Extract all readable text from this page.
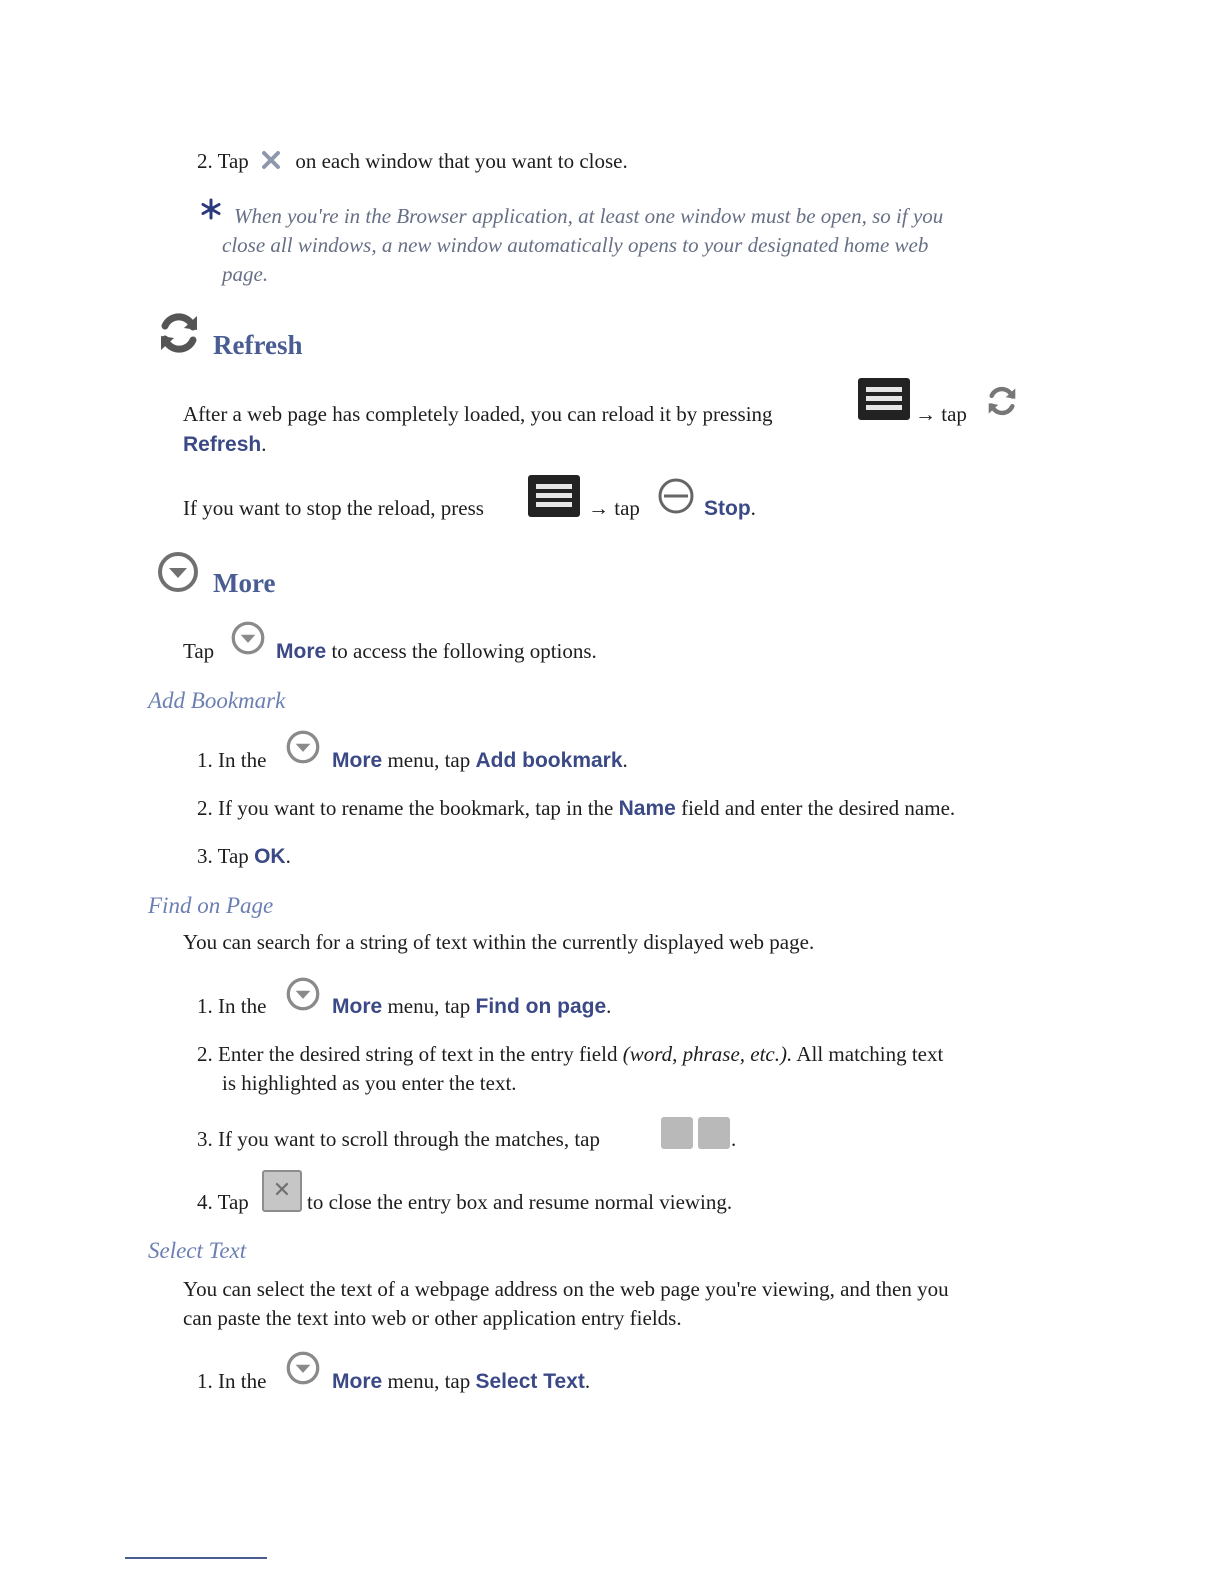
2. Tap on each window that you want to close.
When you're in the Browser application, at least one window must be open, so if you
close all windows, a new window automatically opens to your designated home web
page.
Refresh
After a web page has completely loaded, you can reload it by pressing	→ tap
Refresh.
If you want to stop the reload, press	→ tap	Stop.
More
Tap	More to access the following options.
Add Bookmark
1. In the	More menu, tap Add bookmark.
2. If you want to rename the bookmark, tap in the Name field and enter the desired name.
3. Tap OK.
Find on Page
You can search for a string of text within the currently displayed web page.
1. In the	More menu, tap Find on page.
2. Enter the desired string of text in the entry field (word, phrase, etc.). All matching text
is highlighted as you enter the text.
3. If you want to scroll through the matches, tap	.
4. Tap	✕ to close the entry box and resume normal viewing.
Select Text
You can select the text of a webpage address on the web page you're viewing, and then you
can paste the text into web or other application entry fields.
1. In the	More menu, tap Select Text.
